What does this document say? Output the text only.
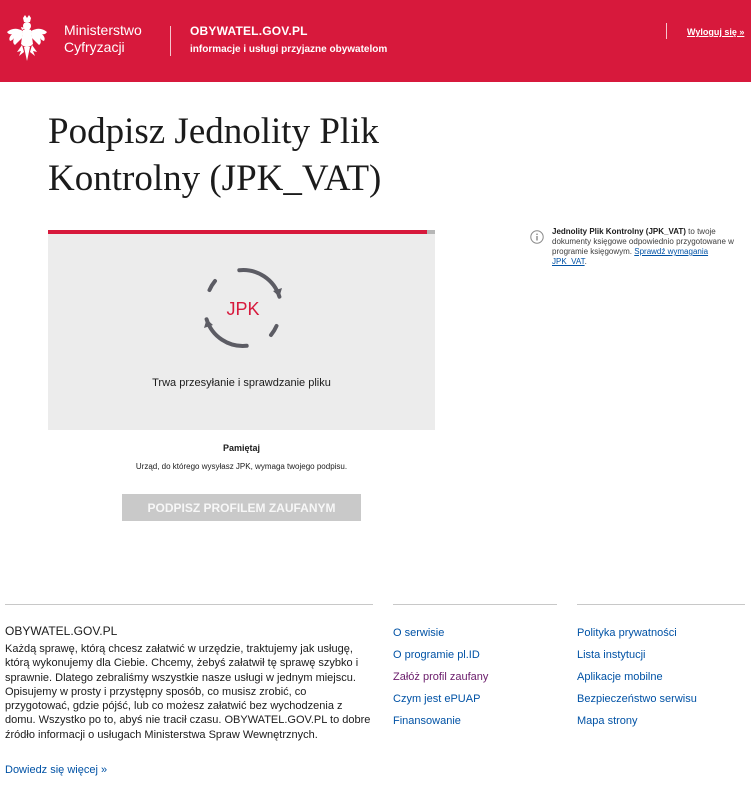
Ministerstwo
Cyfryzacji
OBYWATEL.GOV.PL
informacje i usługi przyjazne obywatelom
Wyloguj się »
Podpisz Jednolity Plik
Kontrolny (JPK_VAT)
JPK
Trwa przesyłanie i sprawdzanie pliku

Jednolity Plik Kontrolny (JPK_VAT) to twoje dokumenty księgowe odpowiednio przygotowane w programie księgowym. Sprawdź wymagania JPK_VAT.

Pamiętaj
Urząd, do którego wysyłasz JPK, wymaga twojego podpisu.
PODPISZ PROFILEM ZAUFANYM
OBYWATEL.GOV.PL

Każdą sprawę, którą chcesz załatwić w urzędzie, traktujemy jak usługę, którą wykonujemy dla Ciebie. Chcemy, żebyś załatwił tę sprawę szybko i sprawnie. Dlatego zebraliśmy wszystkie nasze usługi w jednym miejscu. Opisujemy w prosty i przystępny sposób, co musisz zrobić, co przygotować, gdzie pójść, lub co możesz załatwić bez wychodzenia z domu. Wszystko po to, abyś nie tracił czasu. OBYWATEL.GOV.PL to dobre źródło informacji o usługach Ministerstwa Spraw Wewnętrznych.

Dowiedz się więcej »
O serwisie
O programie pl.ID
Załóż profil zaufany
Czym jest ePUAP
Finansowanie
Polityka prywatności
Lista instytucji
Aplikacje mobilne
Bezpieczeństwo serwisu
Mapa strony
